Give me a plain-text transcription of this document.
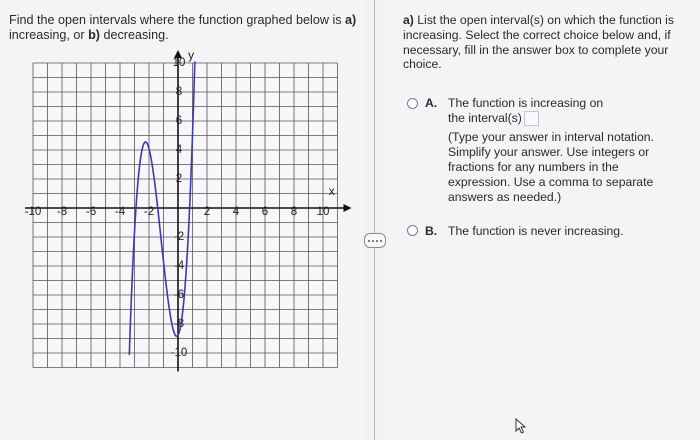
Find the open intervals where the function graphed below is a) increasing, or b) decreasing.
x
y
-10 -8 -6 -4 -2	2 4 6 8 10
10
8
6
4
2
-2
-4
-6
-8
-10
a) List the open interval(s) on which the function is increasing. Select the correct choice below and, if necessary, fill in the answer box to complete your choice.
A. The function is increasing on
the interval(s)

(Type your answer in interval notation. Simplify your answer. Use integers or fractions for any numbers in the expression. Use a comma to separate answers as needed.)
B. The function is never increasing.
